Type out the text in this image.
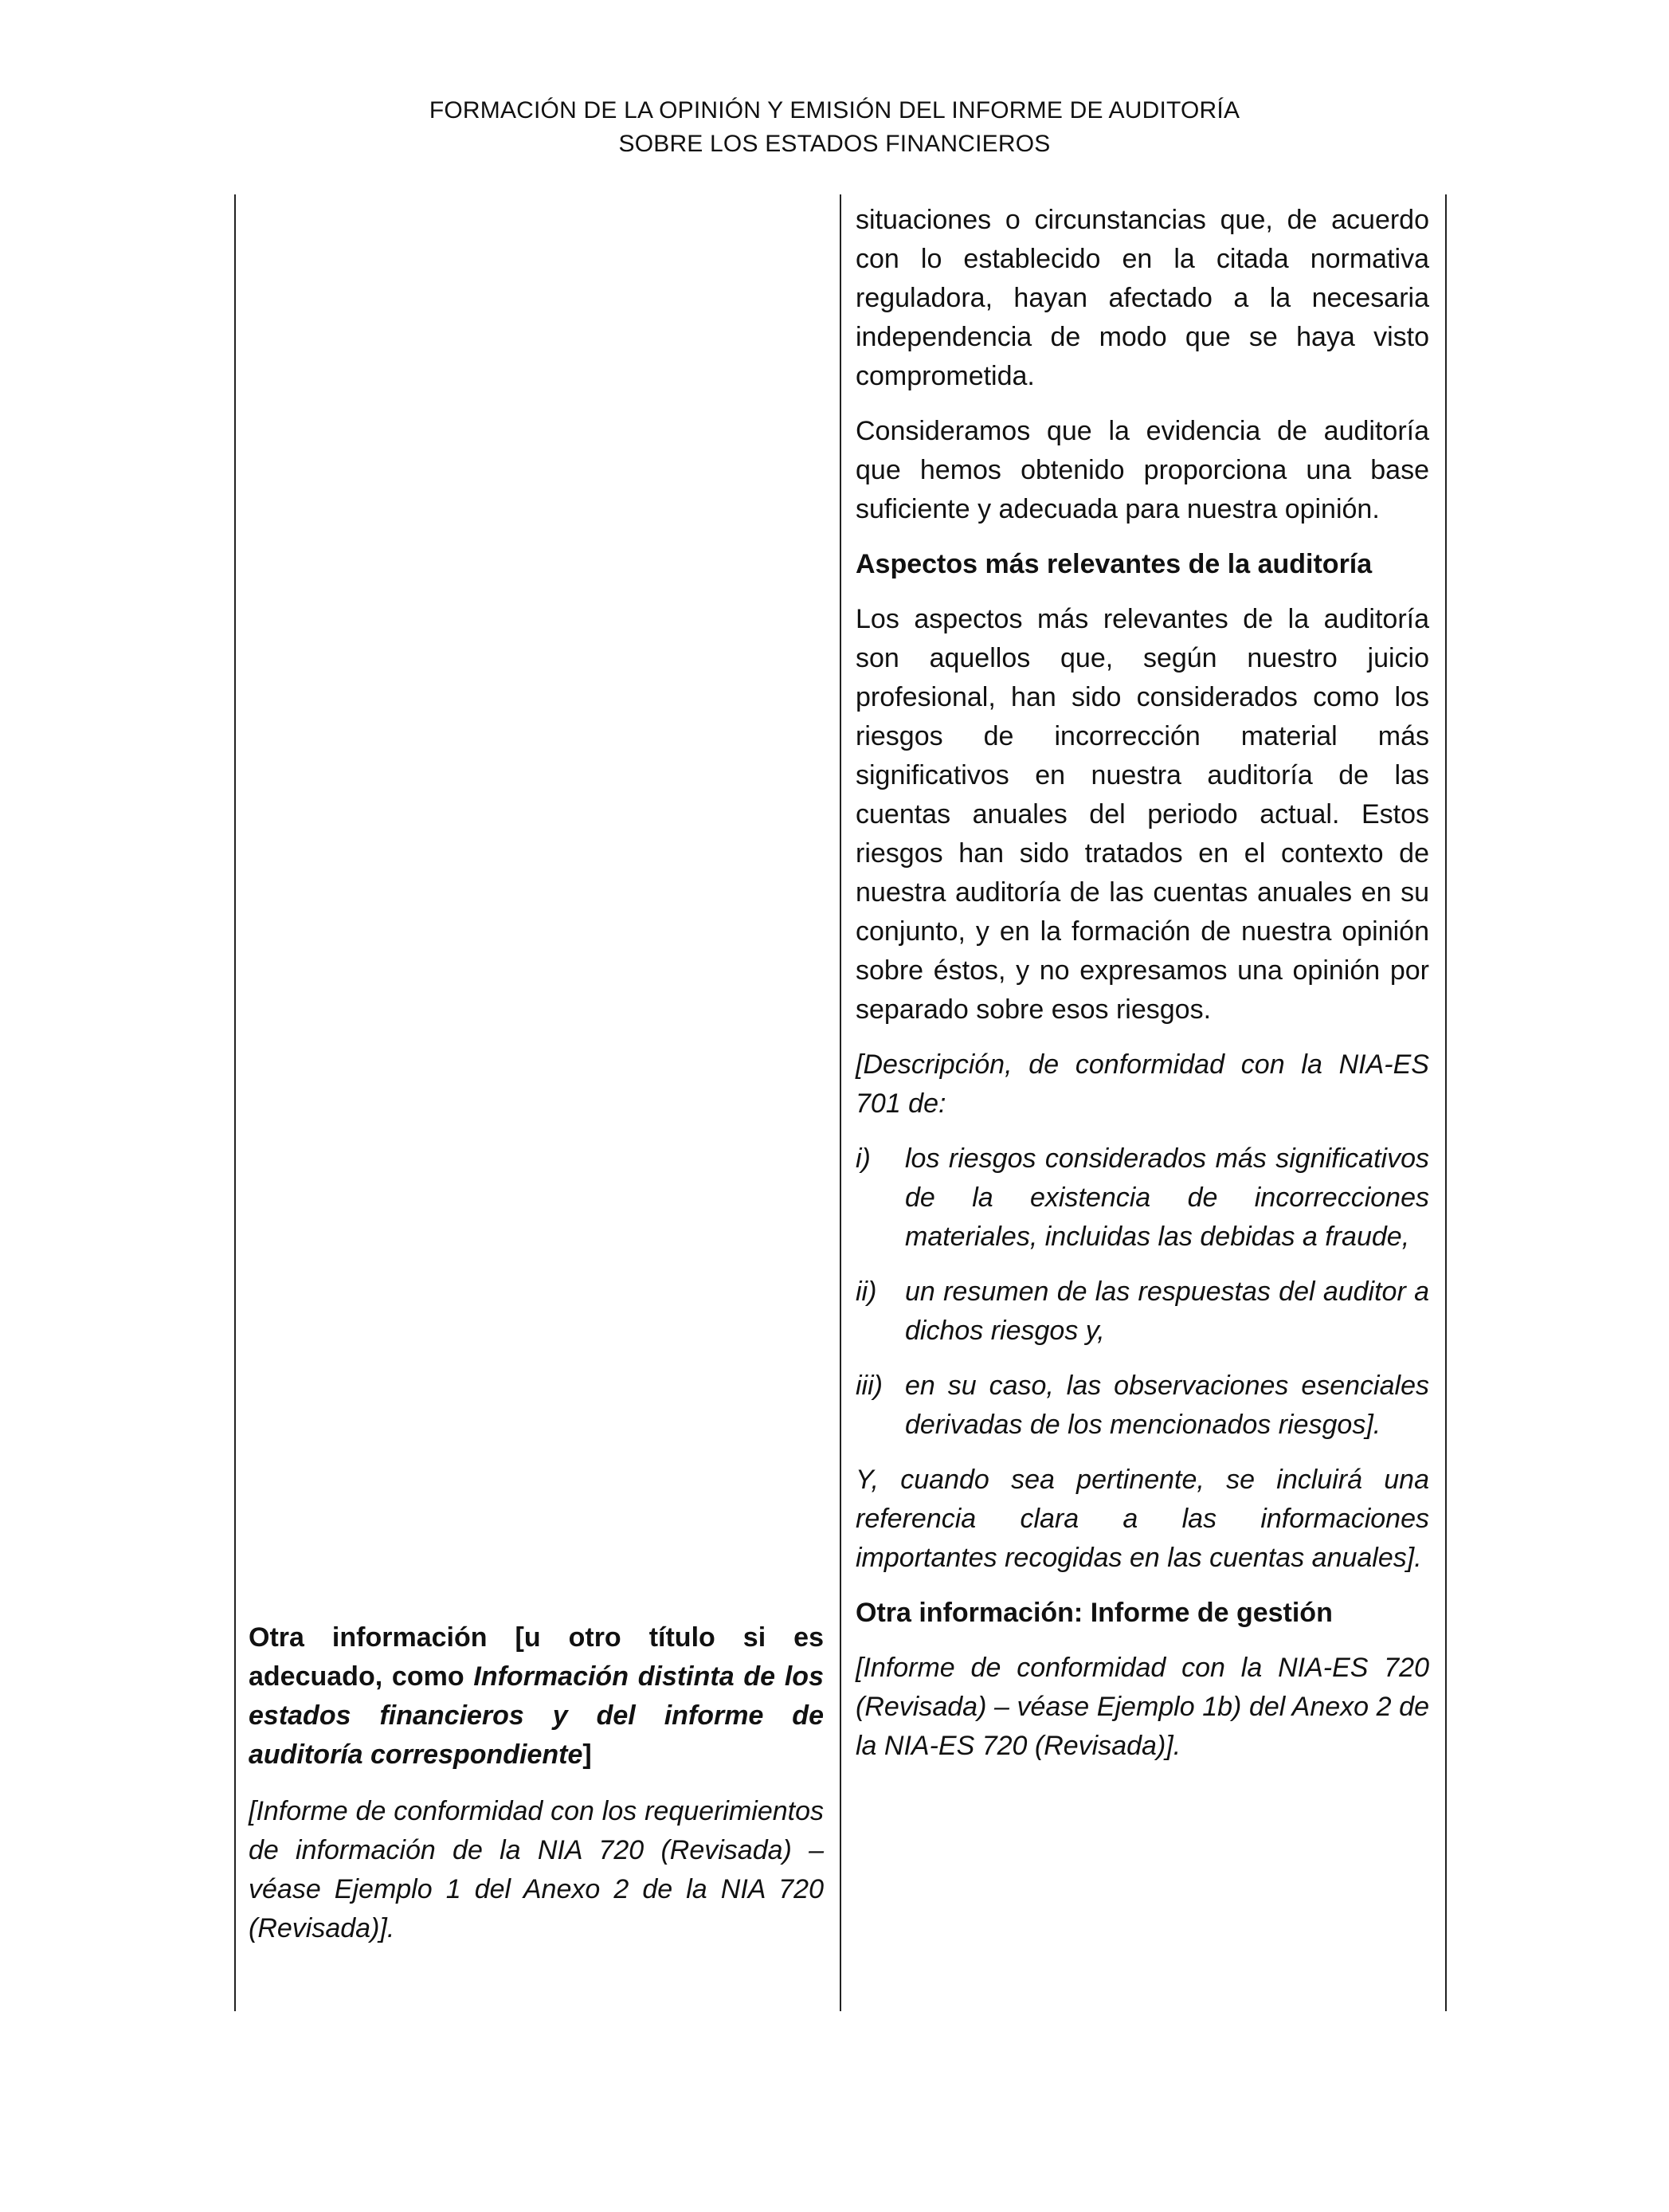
FORMACIÓN DE LA OPINIÓN Y EMISIÓN DEL INFORME DE AUDITORÍA
SOBRE LOS ESTADOS FINANCIEROS

Otra información [u otro título si es adecuado, como Información distinta de los estados financieros y del informe de auditoría correspondiente]

[Informe de conformidad con los requerimientos de información de la NIA 720 (Revisada) – véase Ejemplo 1 del Anexo 2 de la NIA 720 (Revisada)].

situaciones o circunstancias que, de acuerdo con lo establecido en la citada normativa reguladora, hayan afectado a la necesaria independencia de modo que se haya visto comprometida.

Consideramos que la evidencia de auditoría que hemos obtenido proporciona una base suficiente y adecuada para nuestra opinión.

Aspectos más relevantes de la auditoría

Los aspectos más relevantes de la auditoría son aquellos que, según nuestro juicio profesional, han sido considerados como los riesgos de incorrección material más significativos en nuestra auditoría de las cuentas anuales del periodo actual. Estos riesgos han sido tratados en el contexto de nuestra auditoría de las cuentas anuales en su conjunto, y en la formación de nuestra opinión sobre éstos, y no expresamos una opinión por separado sobre esos riesgos.

[Descripción, de conformidad con la NIA-ES 701 de:

i) los riesgos considerados más significativos de la existencia de incorrecciones materiales, incluidas las debidas a fraude,
ii) un resumen de las respuestas del auditor a dichos riesgos y,
iii) en su caso, las observaciones esenciales derivadas de los mencionados riesgos].

Y, cuando sea pertinente, se incluirá una referencia clara a las informaciones importantes recogidas en las cuentas anuales].

Otra información: Informe de gestión

[Informe de conformidad con la NIA-ES 720 (Revisada) – véase Ejemplo 1b) del Anexo 2 de la NIA-ES 720 (Revisada)].
